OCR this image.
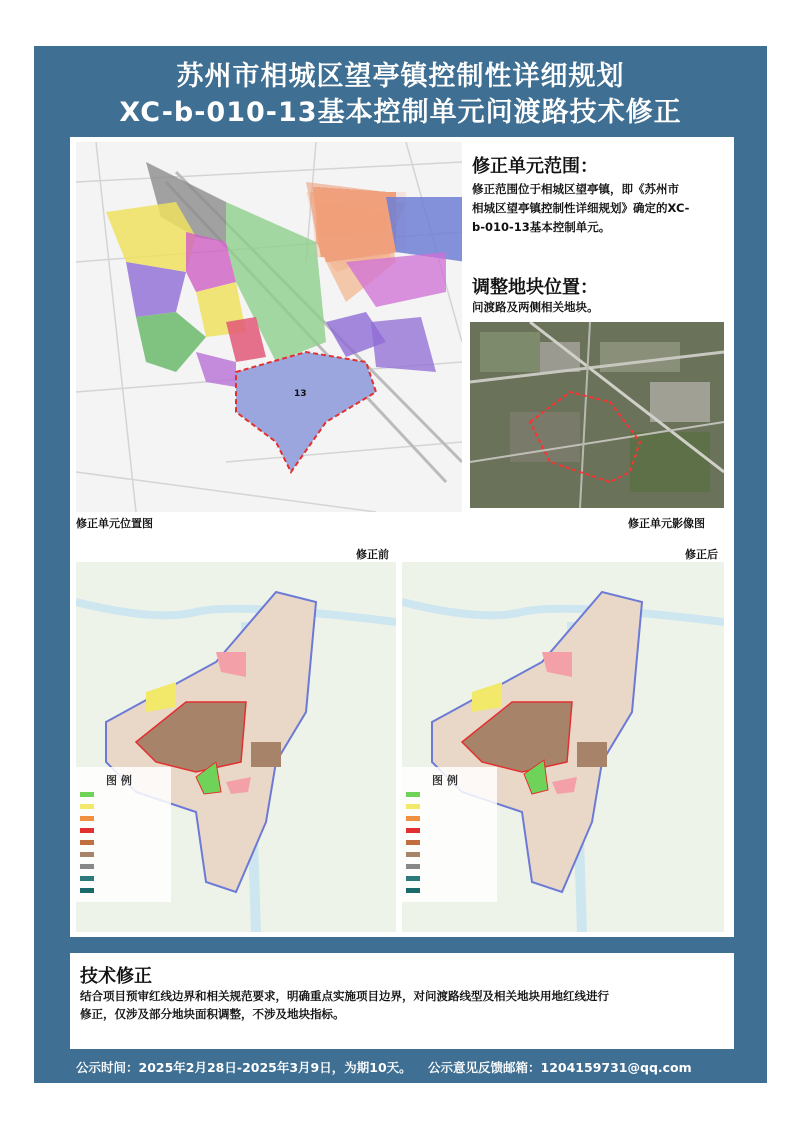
苏州市相城区望亭镇控制性详细规划
XC-b-010-13基本控制单元问渡路技术修正
13
修正单元范围：
修正范围位于相城区望亭镇，即《苏州市
相城区望亭镇控制性详细规划》确定的XC-
b-010-13基本控制单元。
调整地块位置：
问渡路及两侧相关地块。
修正单元位置图	修正单元影像图
修正前	修正后
图 例	图 例
技术修正
结合项目预审红线边界和相关规范要求，明确重点实施项目边界，对问渡路线型及相关地块用地红线进行
修正，仅涉及部分地块面积调整，不涉及地块指标。
公示时间：2025年2月28日-2025年3月9日，为期10天。 公示意见反馈邮箱：1204159731@qq.com
